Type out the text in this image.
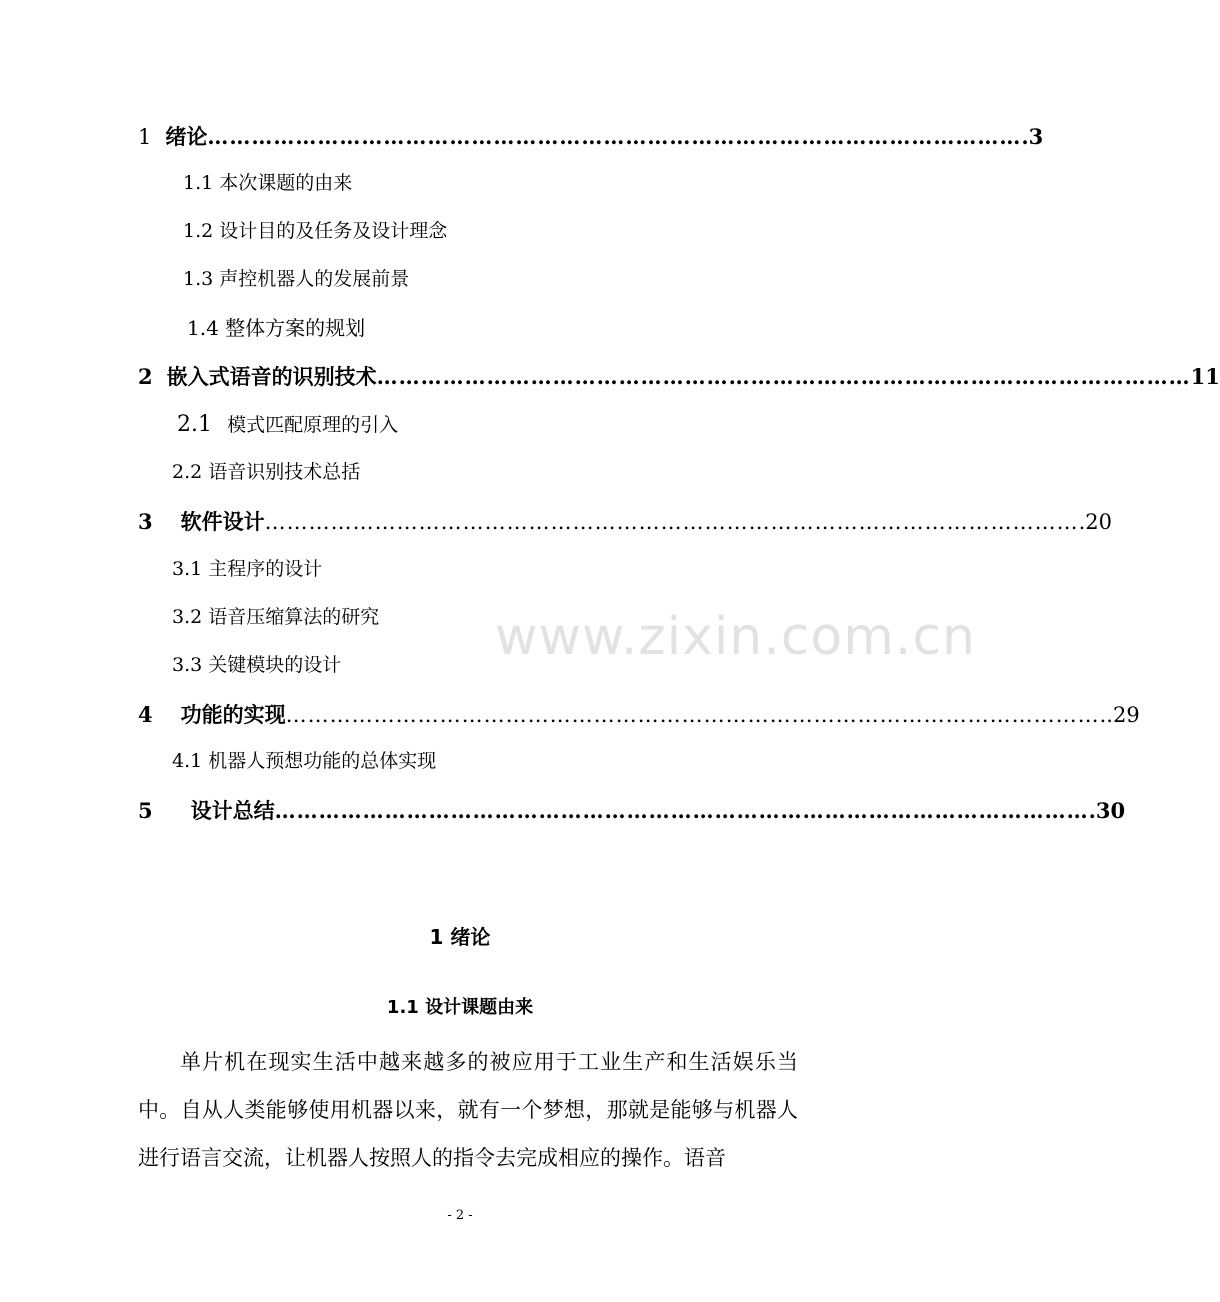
1 绪论 …………………………………………………………………………………………………	.3
1.1 本次课题的由来
1.2 设计目的及任务及设计理念
1.3 声控机器人的发展前景
1.4 整体方案的规划
2 嵌入式语音的识别技术 …………………………………………………………………………………………………	11
2.1 模式匹配原理的引入
2.2 语音识别技术总括
3 软件设计 …………………………………………………………………………………………………	.20
3.1 主程序的设计
3.2 语音压缩算法的研究
3.3 关键模块的设计
4 功能的实现 …………………………………………………………………………………………………	..29
4.1 机器人预想功能的总体实现
5 设计总结 …………………………………………………………………………………………………	.30
www.zixin.com.cn
1 绪论
1.1 设计课题由来

单片机在现实生活中越来越多的被应用于工业生产和生活娱乐当中。自从人类能够使用机器以来，就有一个梦想，那就是能够与机器人进行语言交流，让机器人按照人的指令去完成相应的操作。语音

- 2 -
